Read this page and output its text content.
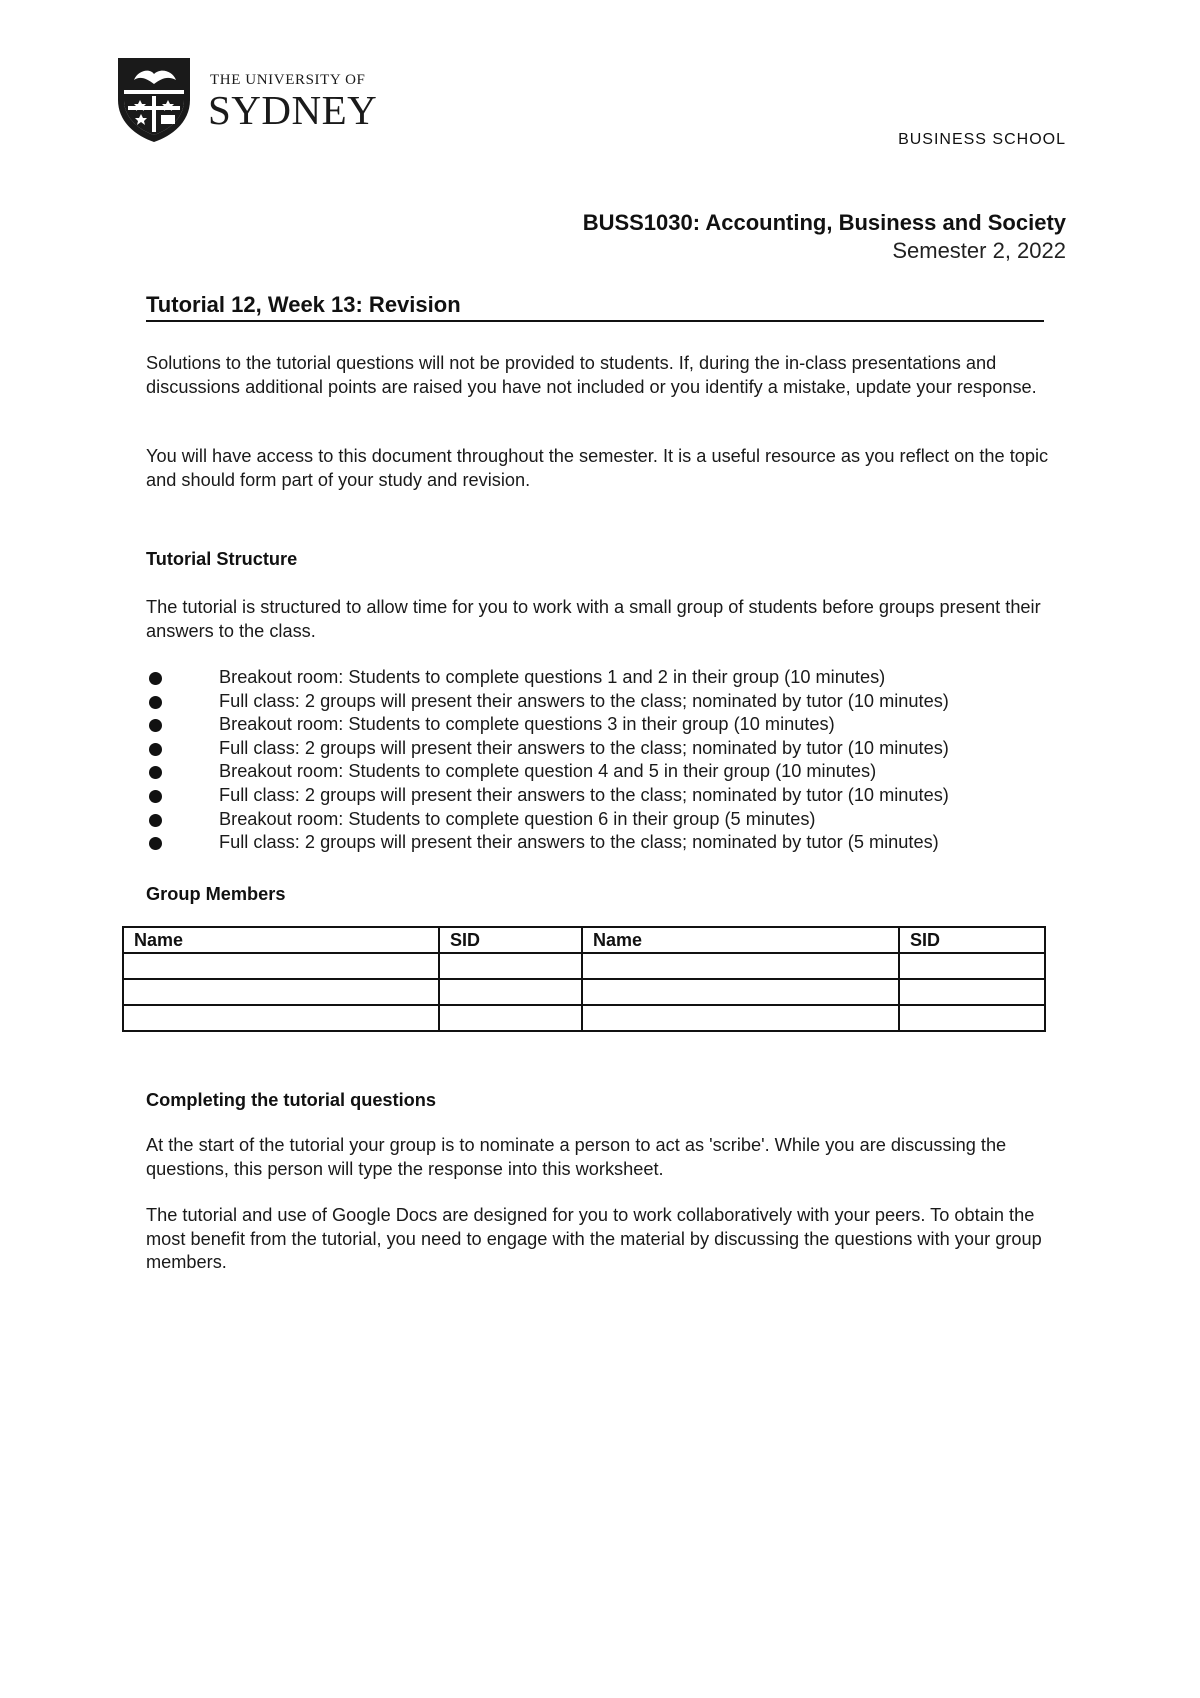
THE UNIVERSITY OF
SYDNEY
BUSINESS SCHOOL
BUSS1030: Accounting, Business and Society
Semester 2, 2022
Tutorial 12, Week 13: Revision
Solutions to the tutorial questions will not be provided to students. If, during the in-class presentations and discussions additional points are raised you have not included or you identify a mistake, update your response.
You will have access to this document throughout the semester. It is a useful resource as you reflect on the topic and should form part of your study and revision.
Tutorial Structure
The tutorial is structured to allow time for you to work with a small group of students before groups present their answers to the class.
Breakout room: Students to complete questions 1 and 2 in their group (10 minutes)
Full class: 2 groups will present their answers to the class; nominated by tutor (10 minutes)
Breakout room: Students to complete questions 3 in their group (10 minutes)
Full class: 2 groups will present their answers to the class; nominated by tutor (10 minutes)
Breakout room: Students to complete question 4 and 5 in their group (10 minutes)
Full class: 2 groups will present their answers to the class; nominated by tutor (10 minutes)
Breakout room: Students to complete question 6 in their group (5 minutes)
Full class: 2 groups will present their answers to the class; nominated by tutor (5 minutes)
Group Members
Name	SID	Name	SID

Completing the tutorial questions
At the start of the tutorial your group is to nominate a person to act as 'scribe'. While you are discussing the questions, this person will type the response into this worksheet.
The tutorial and use of Google Docs are designed for you to work collaboratively with your peers. To obtain the most benefit from the tutorial, you need to engage with the material by discussing the questions with your group members.
